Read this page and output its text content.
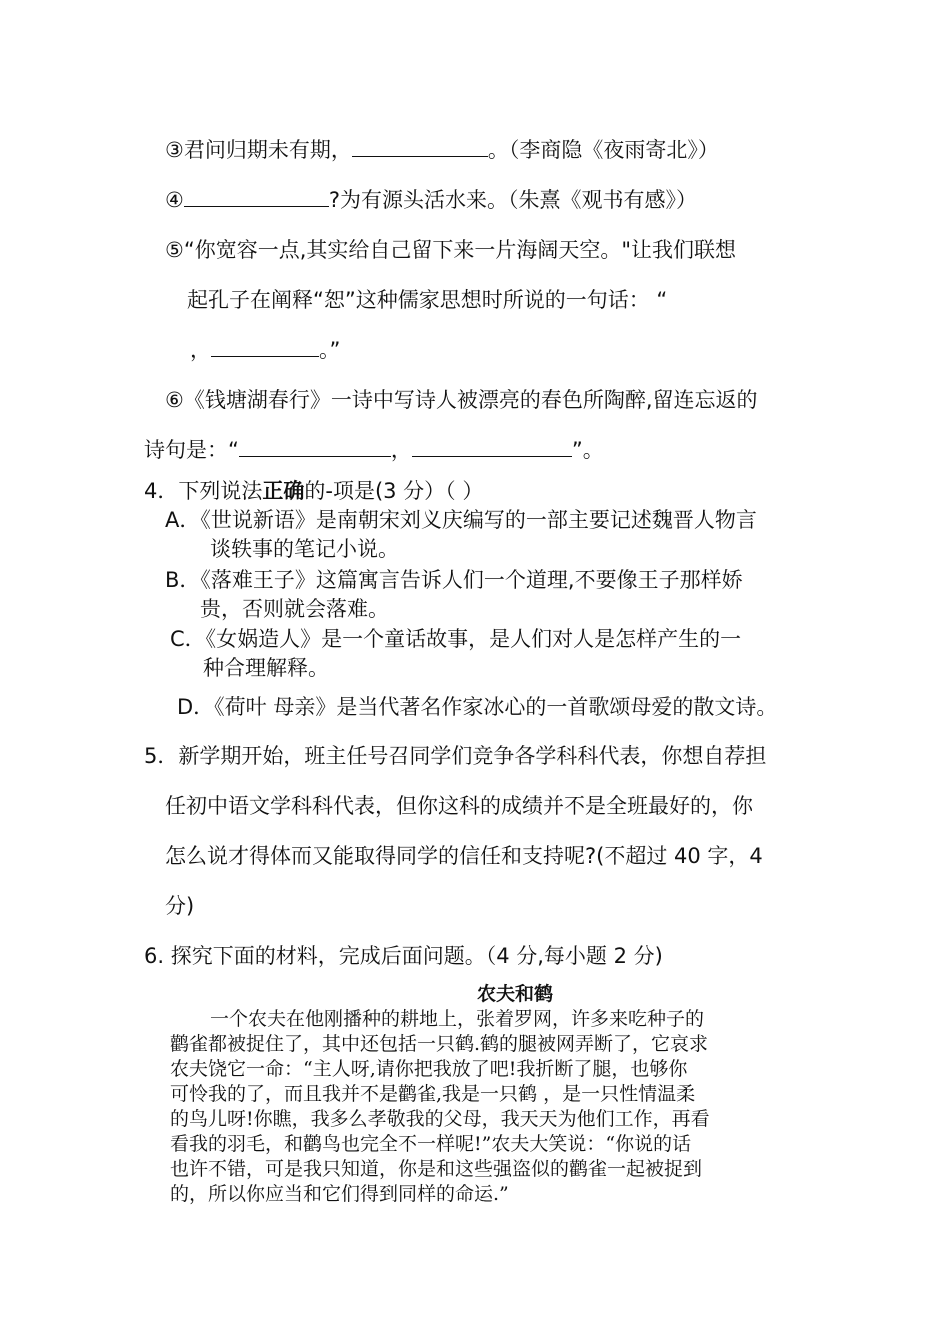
③君问归期未有期，	。（李商隐《夜雨寄北》）
④	?为有源头活水来。（朱熹《观书有感》）
⑤“你宽容一点,其实给自己留下来一片海阔天空。"让我们联想
起孔子在阐释“恕”这种儒家思想时所说的一句话： “
，	。”
⑥《钱塘湖春行》一诗中写诗人被漂亮的春色所陶醉,留连忘返的
诗句是：“	，	”。
4．下列说法正确的-项是(3 分）（ ）
A．《世说新语》是南朝宋刘义庆编写的一部主要记述魏晋人物言
谈轶事的笔记小说。
B．《落难王子》这篇寓言告诉人们一个道理,不要像王子那样娇
贵，否则就会落难。
C．《女娲造人》是一个童话故事，是人们对人是怎样产生的一
种合理解释。
D．《荷叶 母亲》是当代著名作家冰心的一首歌颂母爱的散文诗。
5．新学期开始，班主任号召同学们竞争各学科科代表，你想自荐担
任初中语文学科科代表，但你这科的成绩并不是全班最好的，你
怎么说才得体而又能取得同学的信任和支持呢?(不超过 40 字，4
分)
6. 探究下面的材料，完成后面问题。（4 分,每小题 2 分)
农夫和鹤
一个农夫在他刚播种的耕地上，张着罗网，许多来吃种子的
鹳雀都被捉住了，其中还包括一只鹤.鹤的腿被网弄断了，它哀求
农夫饶它一命：“主人呀,请你把我放了吧!我折断了腿，也够你
可怜我的了，而且我并不是鹳雀,我是一只鹤 ，是一只性情温柔
的鸟儿呀!你瞧，我多么孝敬我的父母，我天天为他们工作，再看
看我的羽毛，和鹳鸟也完全不一样呢!”农夫大笑说：“你说的话
也许不错，可是我只知道，你是和这些强盗似的鹳雀一起被捉到
的，所以你应当和它们得到同样的命运.”
